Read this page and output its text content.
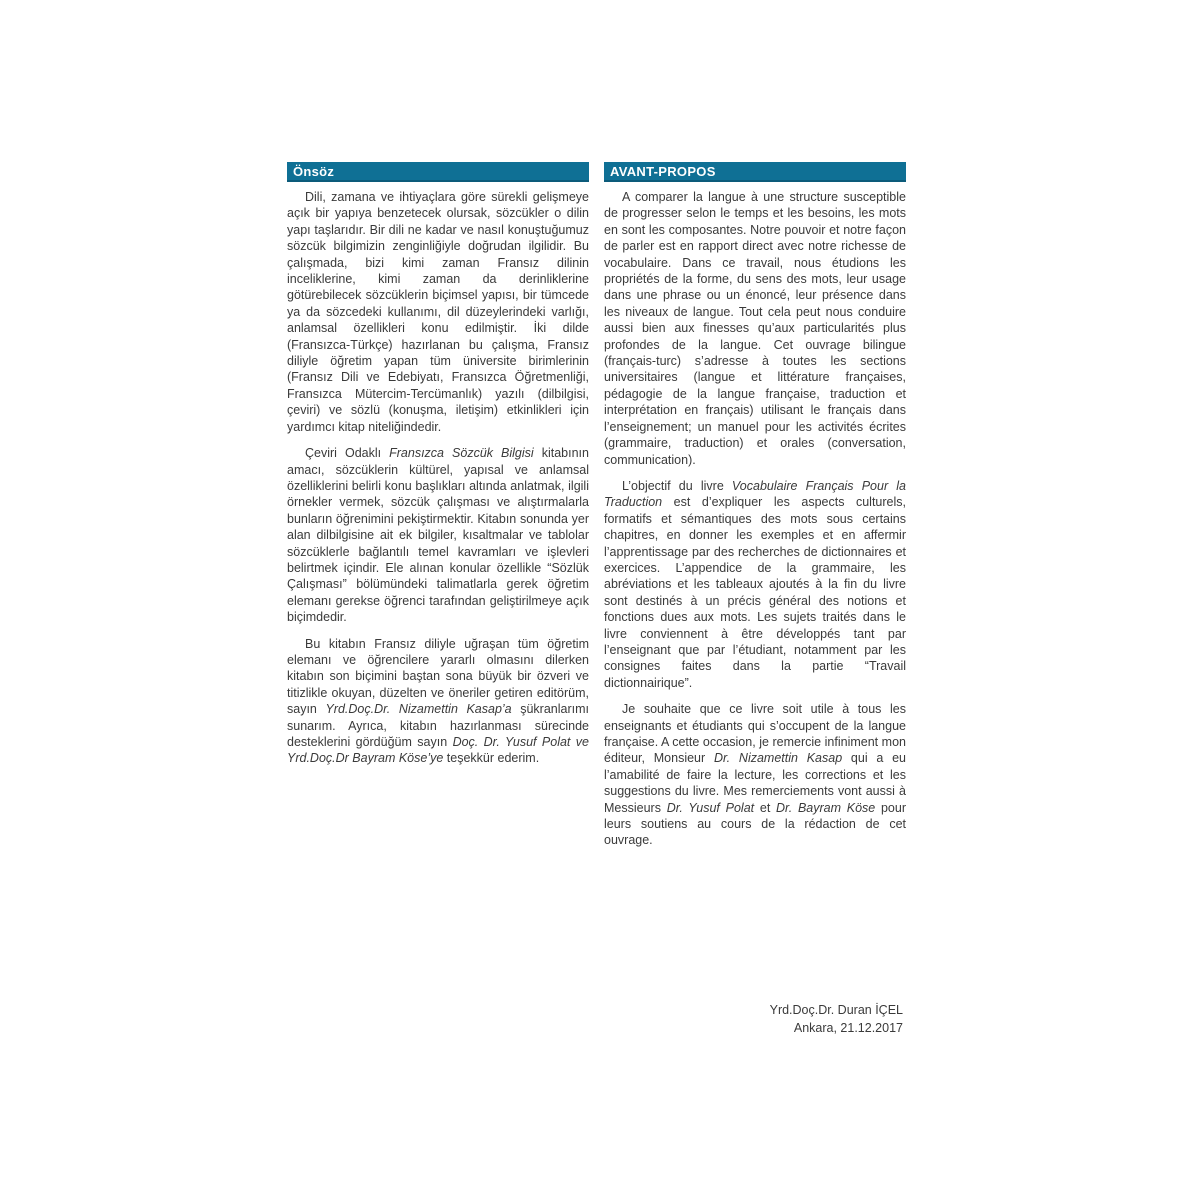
Önsöz

Dili, zamana ve ihtiyaçlara göre sürekli gelişmeye açık bir yapıya benzetecek olursak, sözcükler o dilin yapı taşlarıdır. Bir dili ne kadar ve nasıl konuştuğumuz sözcük bilgimizin zenginliğiyle doğrudan ilgilidir. Bu çalışmada, bizi kimi zaman Fransız dilinin inceliklerine, kimi zaman da derinliklerine götürebilecek sözcüklerin biçimsel yapısı, bir tümcede ya da sözcedeki kullanımı, dil düzeylerindeki varlığı, anlamsal özellikleri konu edilmiştir. İki dilde (Fransızca-Türkçe) hazırlanan bu çalışma, Fransız diliyle öğretim yapan tüm üniversite birimlerinin (Fransız Dili ve Edebiyatı, Fransızca Öğretmenliği, Fransızca Mütercim-Tercümanlık) yazılı (dilbilgisi, çeviri) ve sözlü (konuşma, iletişim) etkinlikleri için yardımcı kitap niteliğindedir.

Çeviri Odaklı Fransızca Sözcük Bilgisi kitabının amacı, sözcüklerin kültürel, yapısal ve anlamsal özelliklerini belirli konu başlıkları altında anlatmak, ilgili örnekler vermek, sözcük çalışması ve alıştırmalarla bunların öğrenimini pekiştirmektir. Kitabın sonunda yer alan dilbilgisine ait ek bilgiler, kısaltmalar ve tablolar sözcüklerle bağlantılı temel kavramları ve işlevleri belirtmek içindir. Ele alınan konular özellikle “Sözlük Çalışması” bölümündeki talimatlarla gerek öğretim elemanı gerekse öğrenci tarafından geliştirilmeye açık biçimdedir.

Bu kitabın Fransız diliyle uğraşan tüm öğretim elemanı ve öğrencilere yararlı olmasını dilerken kitabın son biçimini baştan sona büyük bir özveri ve titizlikle okuyan, düzelten ve öneriler getiren editörüm, sayın Yrd.Doç.Dr. Nizamettin Kasap’a şükranlarımı sunarım. Ayrıca, kitabın hazırlanması sürecinde desteklerini gördüğüm sayın Doç. Dr. Yusuf Polat ve Yrd.Doç.Dr Bayram Köse’ye teşekkür ederim.

AVANT-PROPOS

A comparer la langue à une structure susceptible de progresser selon le temps et les besoins, les mots en sont les composantes. Notre pouvoir et notre façon de parler est en rapport direct avec notre richesse de vocabulaire. Dans ce travail, nous étudions les propriétés de la forme, du sens des mots, leur usage dans une phrase ou un énoncé, leur présence dans les niveaux de langue. Tout cela peut nous conduire aussi bien aux finesses qu’aux particularités plus profondes de la langue. Cet ouvrage bilingue (français-turc) s’adresse à toutes les sections universitaires (langue et littérature françaises, pédagogie de la langue française, traduction et interprétation en français) utilisant le français dans l’enseignement; un manuel pour les activités écrites (grammaire, traduction) et orales (conversation, communication).

L’objectif du livre Vocabulaire Français Pour la Traduction est d’expliquer les aspects culturels, formatifs et sémantiques des mots sous certains chapitres, en donner les exemples et en affermir l’apprentissage par des recherches de dictionnaires et exercices. L’appendice de la grammaire, les abréviations et les tableaux ajoutés à la fin du livre sont destinés à un précis général des notions et fonctions dues aux mots. Les sujets traités dans le livre conviennent à être développés tant par l’enseignant que par l’étudiant, notamment par les consignes faites dans la partie “Travail dictionnairique”.

Je souhaite que ce livre soit utile à tous les enseignants et étudiants qui s’occupent de la langue française. A cette occasion, je remercie infiniment mon éditeur, Monsieur Dr. Nizamettin Kasap qui a eu l’amabilité de faire la lecture, les corrections et les suggestions du livre. Mes remerciements vont aussi à Messieurs Dr. Yusuf Polat et Dr. Bayram Köse pour leurs soutiens au cours de la rédaction de cet ouvrage.

Yrd.Doç.Dr. Duran İÇEL
Ankara, 21.12.2017
